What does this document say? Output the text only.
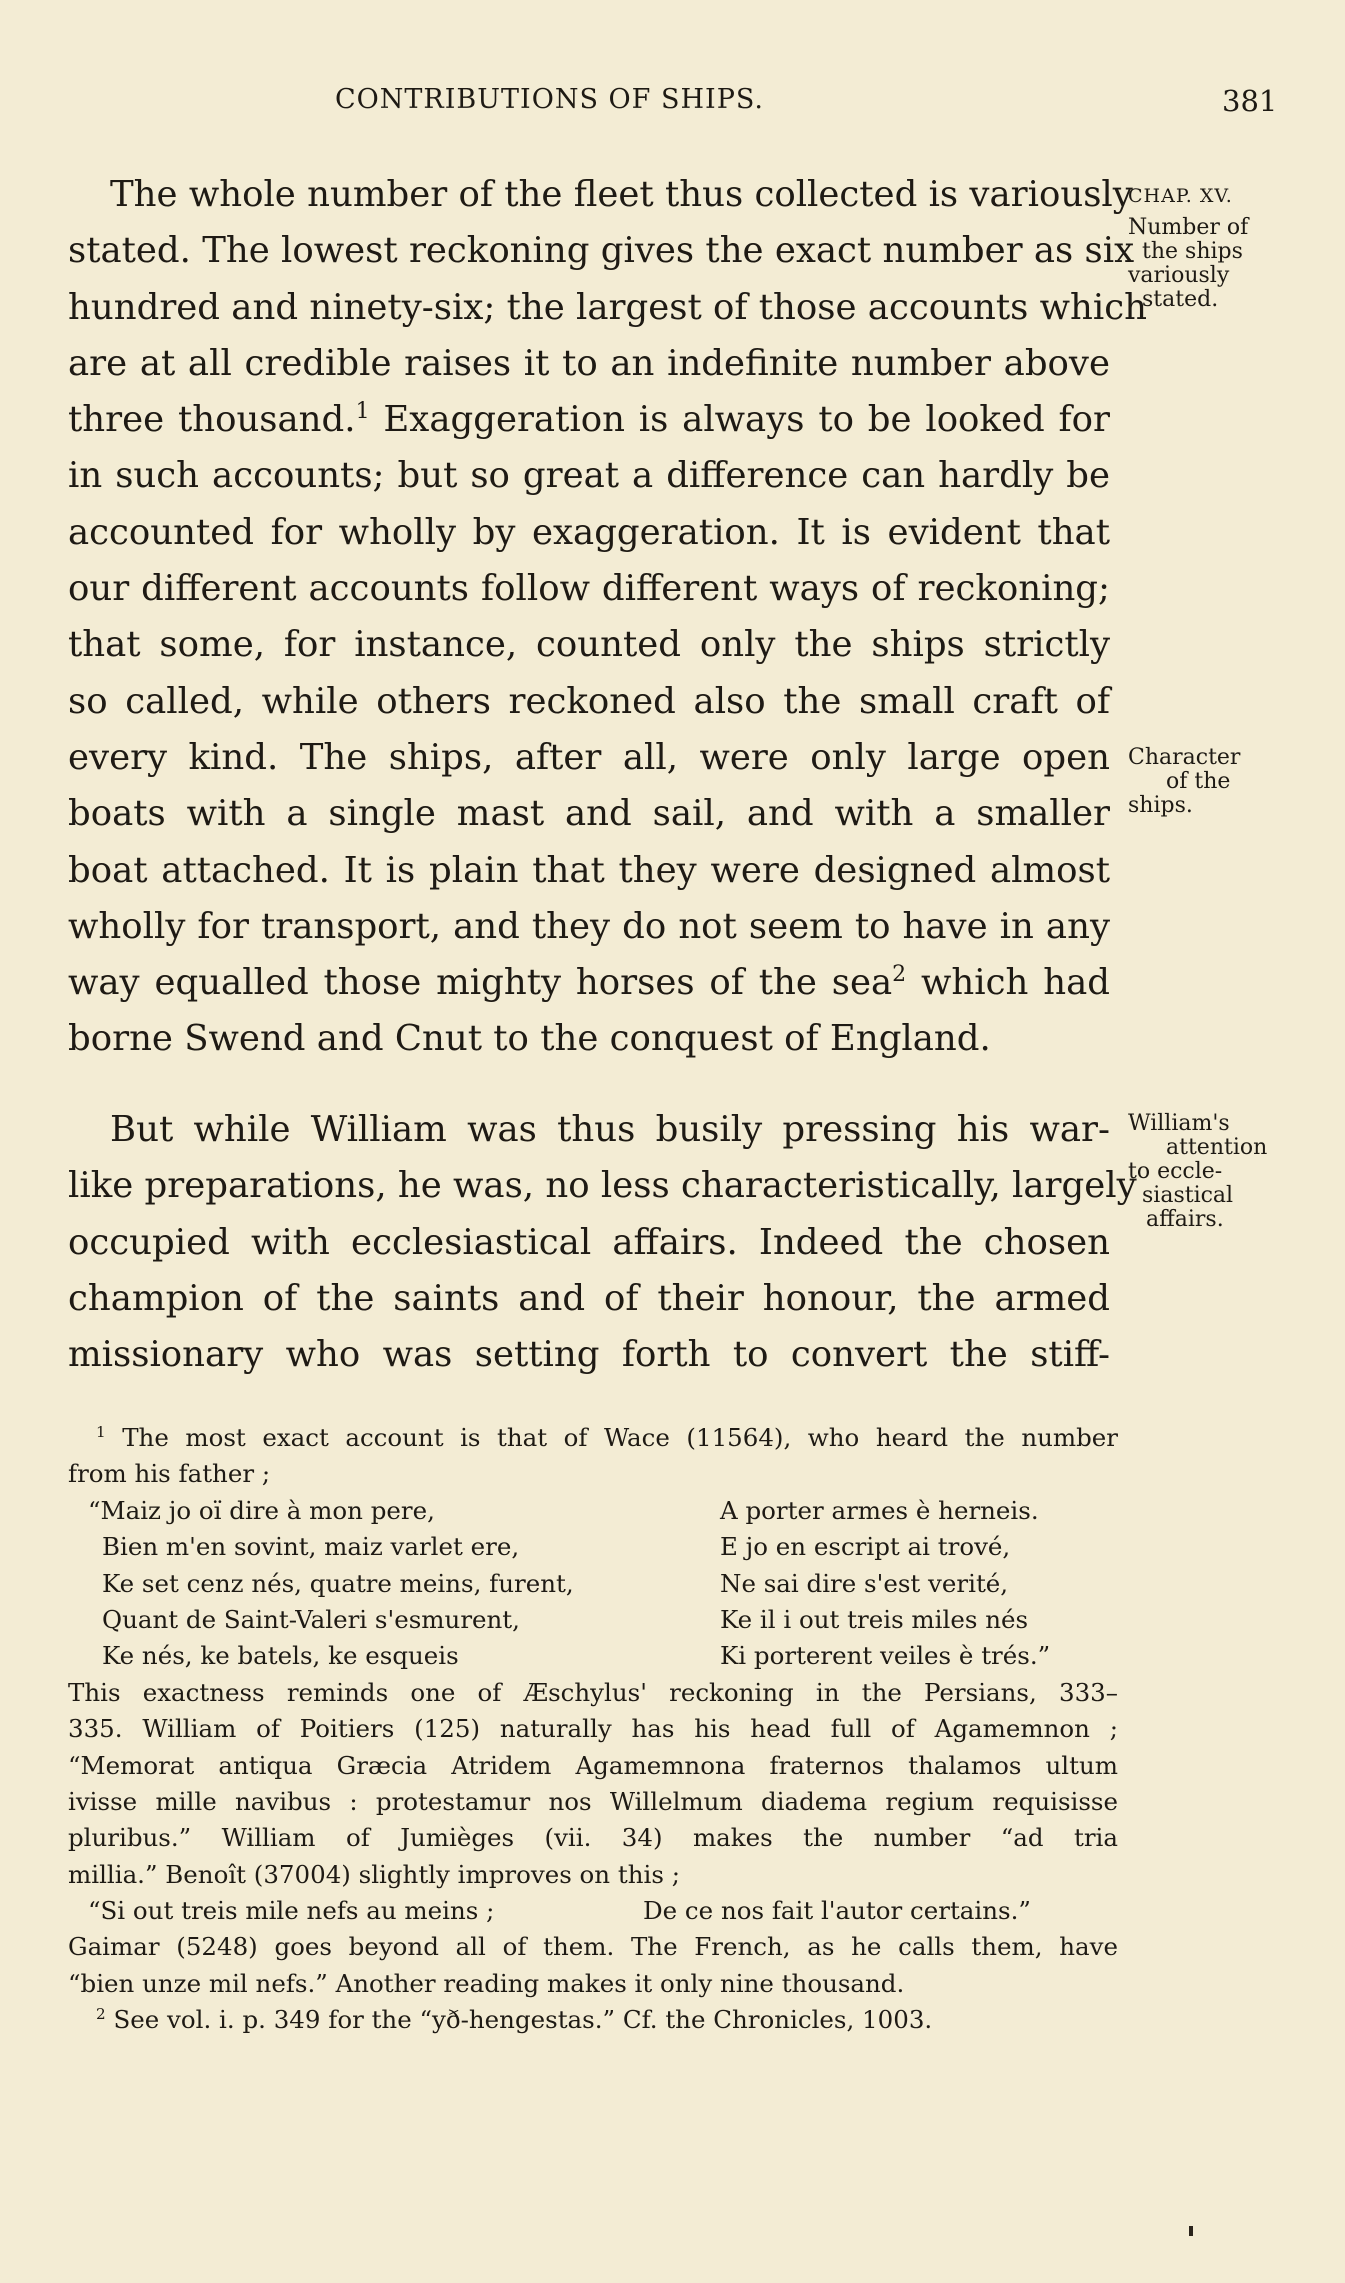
CONTRIBUTIONS OF SHIPS.	381
CHAP. XV.
Number of
the ships
variously
stated.
Character
of the
ships.
William's
attention
to eccle-
siastical
affairs.
The whole number of the fleet thus collected is variously
stated. The lowest reckoning gives the exact number as six
hundred and ninety-six; the largest of those accounts which
are at all credible raises it to an indefinite number above
three thousand.$^1$ Exaggeration is always to be looked for
in such accounts; but so great a difference can hardly be
accounted for wholly by exaggeration. It is evident that
our different accounts follow different ways of reckoning;
that some, for instance, counted only the ships strictly
so called, while others reckoned also the small craft of
every kind. The ships, after all, were only large open
boats with a single mast and sail, and with a smaller
boat attached. It is plain that they were designed almost
wholly for transport, and they do not seem to have in any
way equalled those mighty horses of the sea$^2$ which had
borne Swend and Cnut to the conquest of England.
But while William was thus busily pressing his war-
like preparations, he was, no less characteristically, largely
occupied with ecclesiastical affairs. Indeed the chosen
champion of the saints and of their honour, the armed
missionary who was setting forth to convert the stiff-
$^1$ The most exact account is that of Wace (11564), who heard the number
from his father ;
“Maiz jo oï dire à mon pere,	A porter armes è herneis.
Bien m'en sovint, maiz varlet ere,	E jo en escript ai trové,
Ke set cenz nés, quatre meins, furent,	Ne sai dire s'est verité,
Quant de Saint-Valeri s'esmurent,	Ke il i out treis miles nés
Ke nés, ke batels, ke esqueis	Ki porterent veiles è trés.”
This exactness reminds one of Æschylus' reckoning in the Persians, 333–
335. William of Poitiers (125) naturally has his head full of Agamemnon ;
“Memorat antiqua Græcia Atridem Agamemnona fraternos thalamos ultum
ivisse mille navibus : protestamur nos Willelmum diadema regium requisisse
pluribus.” William of Jumièges (vii. 34) makes the number “ad tria
millia.” Benoît (37004) slightly improves on this ;
“Si out treis mile nefs au meins ;	De ce nos fait l'autor certains.”
Gaimar (5248) goes beyond all of them. The French, as he calls them, have
“bien unze mil nefs.” Another reading makes it only nine thousand.
$^2$ See vol. i. p. 349 for the “yð-hengestas.” Cf. the Chronicles, 1003.
